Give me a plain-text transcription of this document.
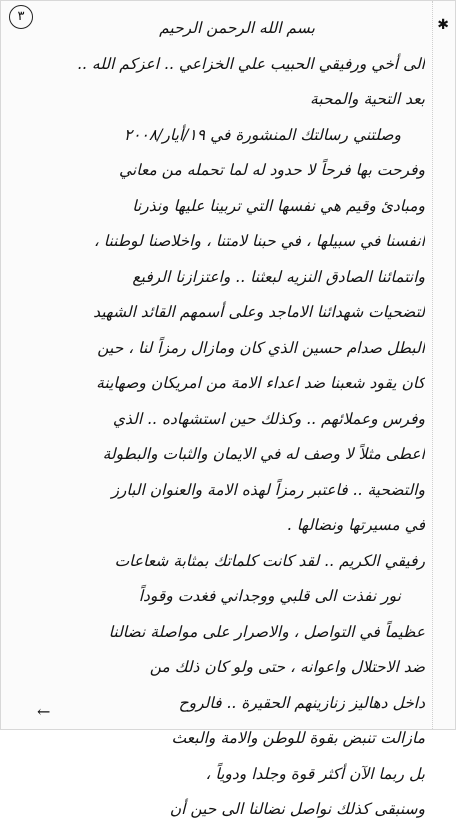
٣
✱
بسم الله الرحمن الرحيم
الى أخي ورفيقي الحبيب علي الخزاعي .. اعزكم الله ..
بعد التحية والمحبة
وصلتني رسالتك المنشورة في ١٩/أيار/٢٠٠٨
وفرحت بها فرحاً لا حدود له لما تحمله من معاني
ومبادئ وقيم هي نفسها التي تربينا عليها ونذرنا
انفسنا في سبيلها ، في حبنا لامتنا ، واخلاصنا لوطننا ،
وانتمائنا الصادق النزيه لبعثنا .. واعتزازنا الرفيع
لتضحيات شهدائنا الاماجد وعلى أسمهم القائد الشهيد
البطل صدام حسين الذي كان ومازال رمزاً لنا ، حين
كان يقود شعبنا ضد اعداء الامة من امريكان وصهاينة
وفرس وعملائهم .. وكذلك حين استشهاده .. الذي
اعطى مثلاً لا وصف له في الايمان والثبات والبطولة
والتضحية .. فاعتبر رمزاً لهذه الامة والعنوان البارز
في مسيرتها ونضالها .
رفيقي الكريم .. لقد كانت كلماتك بمثابة شعاعات
نور نفذت الى قلبي ووجداني فغدت وقوداً
عظيماً في التواصل ، والاصرار على مواصلة نضالنا
ضد الاحتلال واعوانه ، حتى ولو كان ذلك من
داخل دهاليز زنازينهم الحقيرة .. فالروح
مازالت تنبض بقوة للوطن والامة والبعث
بل ربما الآن أكثر قوة وجلدا ودوياً ،
وسنبقى كذلك نواصل نضالنا الى حين أن
←
